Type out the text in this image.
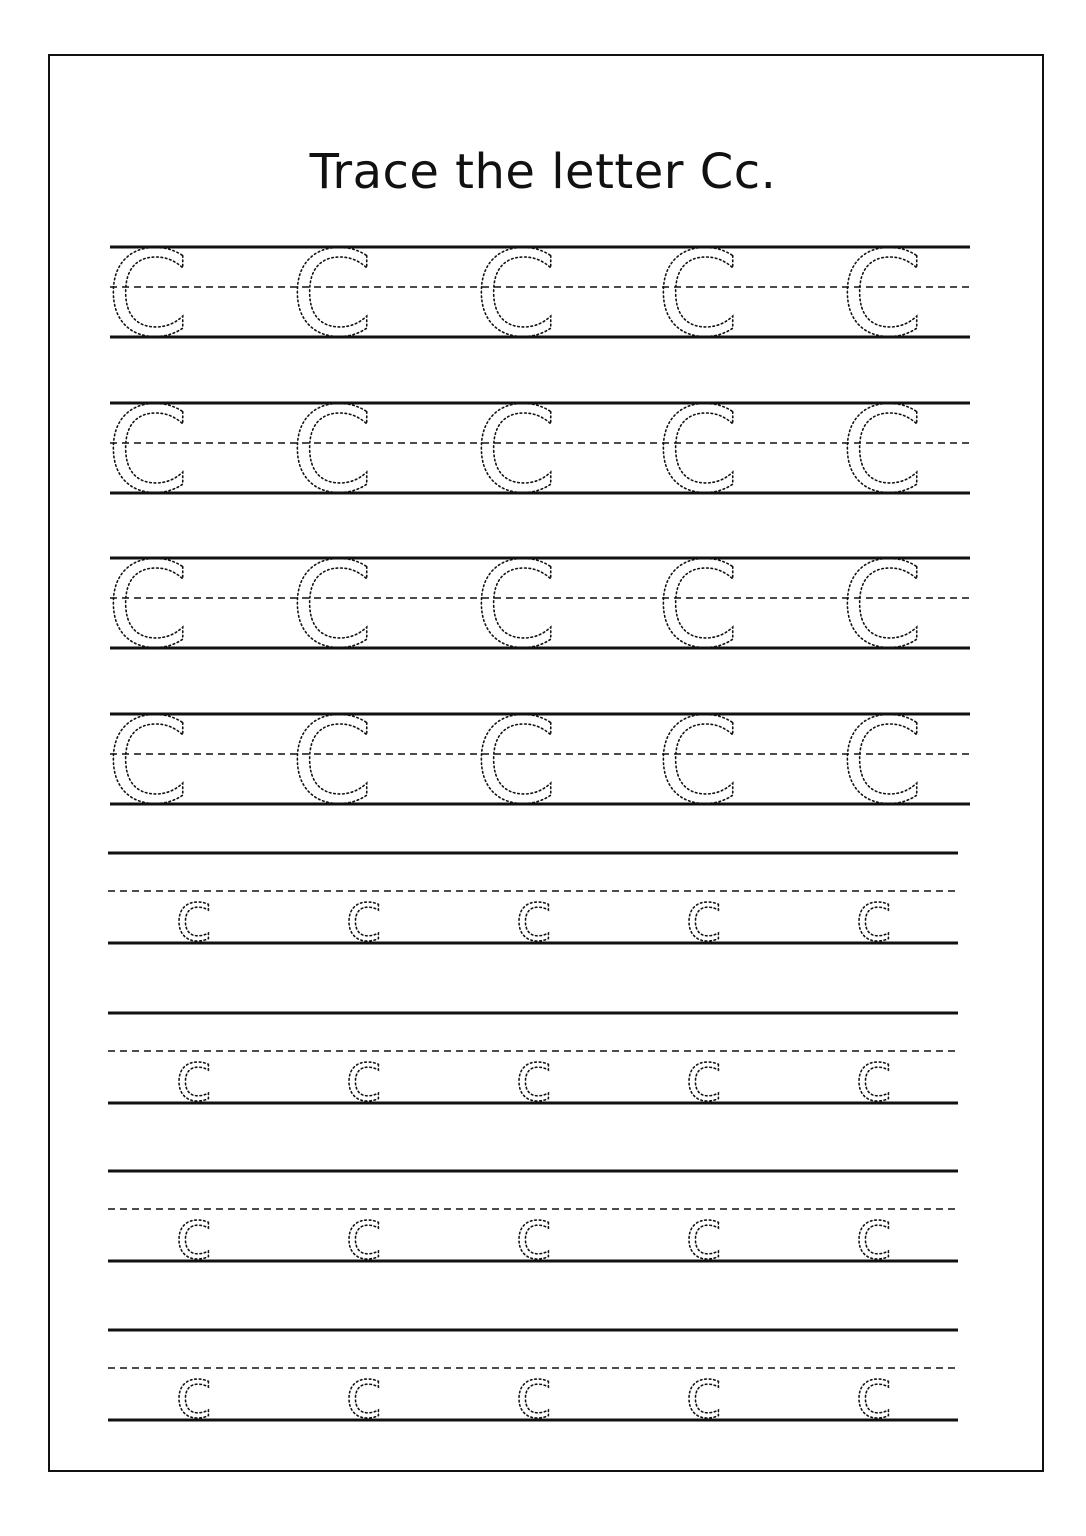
Trace the letter Cc.
C C C C C
C C C C C
C C C C C
C C C C C
c c c c c
c c c c c
c c c c c
c c c c c
